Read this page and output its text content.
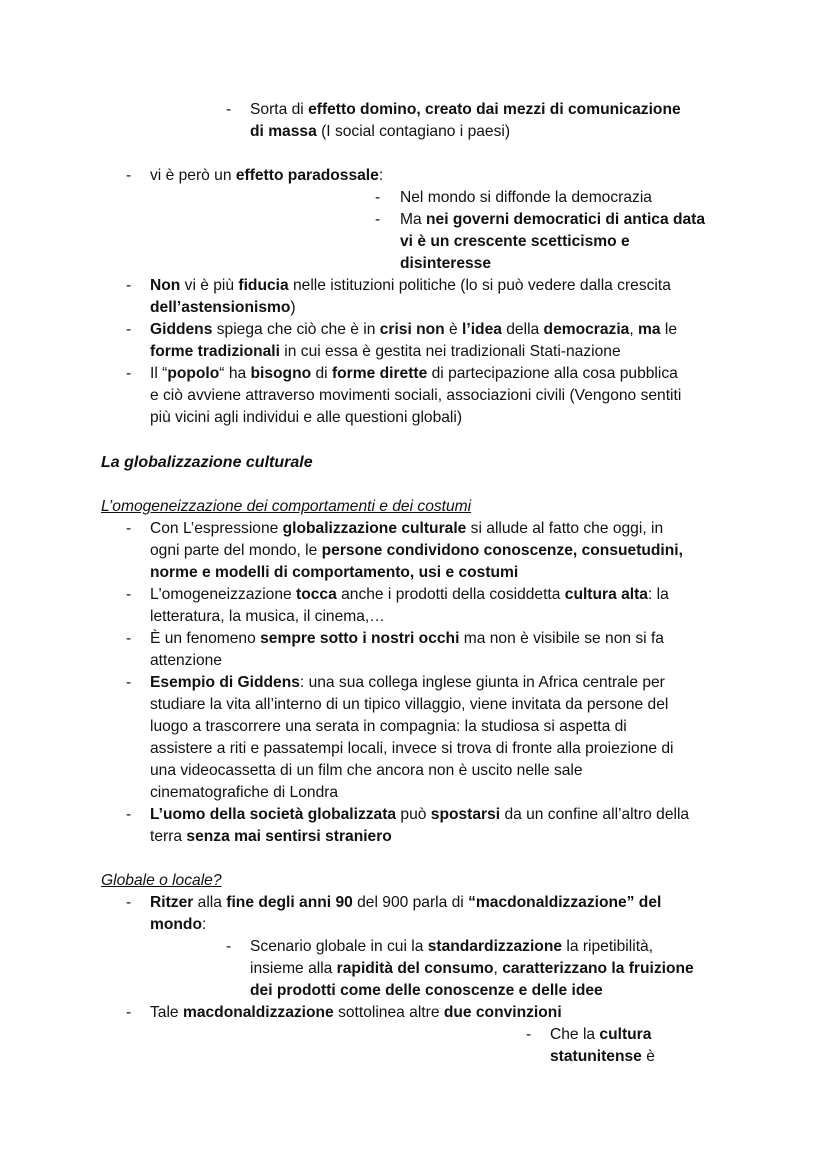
- Sorta di effetto domino, creato dai mezzi di comunicazione
di massa (I social contagiano i paesi)
- vi è però un effetto paradossale:
- Nel mondo si diffonde la democrazia
- Ma nei governi democratici di antica data
vi è un crescente scetticismo e
disinteresse
- Non vi è più fiducia nelle istituzioni politiche (lo si può vedere dalla crescita
dell’astensionismo)
- Giddens spiega che ciò che è in crisi non è l’idea della democrazia, ma le
forme tradizionali in cui essa è gestita nei tradizionali Stati-nazione
- Il “popolo“ ha bisogno di forme dirette di partecipazione alla cosa pubblica
e ciò avviene attraverso movimenti sociali, associazioni civili (Vengono sentiti
più vicini agli individui e alle questioni globali)
La globalizzazione culturale
L’omogeneizzazione dei comportamenti e dei costumi
- Con L’espressione globalizzazione culturale si allude al fatto che oggi, in
ogni parte del mondo, le persone condividono conoscenze, consuetudini,
norme e modelli di comportamento, usi e costumi
- L'omogeneizzazione tocca anche i prodotti della cosiddetta cultura alta: la
letteratura, la musica, il cinema,…
- È un fenomeno sempre sotto i nostri occhi ma non è visibile se non si fa
attenzione
- Esempio di Giddens: una sua collega inglese giunta in Africa centrale per
studiare la vita all’interno di un tipico villaggio, viene invitata da persone del
luogo a trascorrere una serata in compagnia: la studiosa si aspetta di
assistere a riti e passatempi locali, invece si trova di fronte alla proiezione di
una videocassetta di un film che ancora non è uscito nelle sale
cinematografiche di Londra
- L’uomo della società globalizzata può spostarsi da un confine all’altro della
terra senza mai sentirsi straniero
Globale o locale?
- Ritzer alla fine degli anni 90 del 900 parla di “macdonaldizzazione” del
mondo:
- Scenario globale in cui la standardizzazione la ripetibilità,
insieme alla rapidità del consumo, caratterizzano la fruizione
dei prodotti come delle conoscenze e delle idee
- Tale macdonaldizzazione sottolinea altre due convinzioni
- Che la cultura
statunitense è
